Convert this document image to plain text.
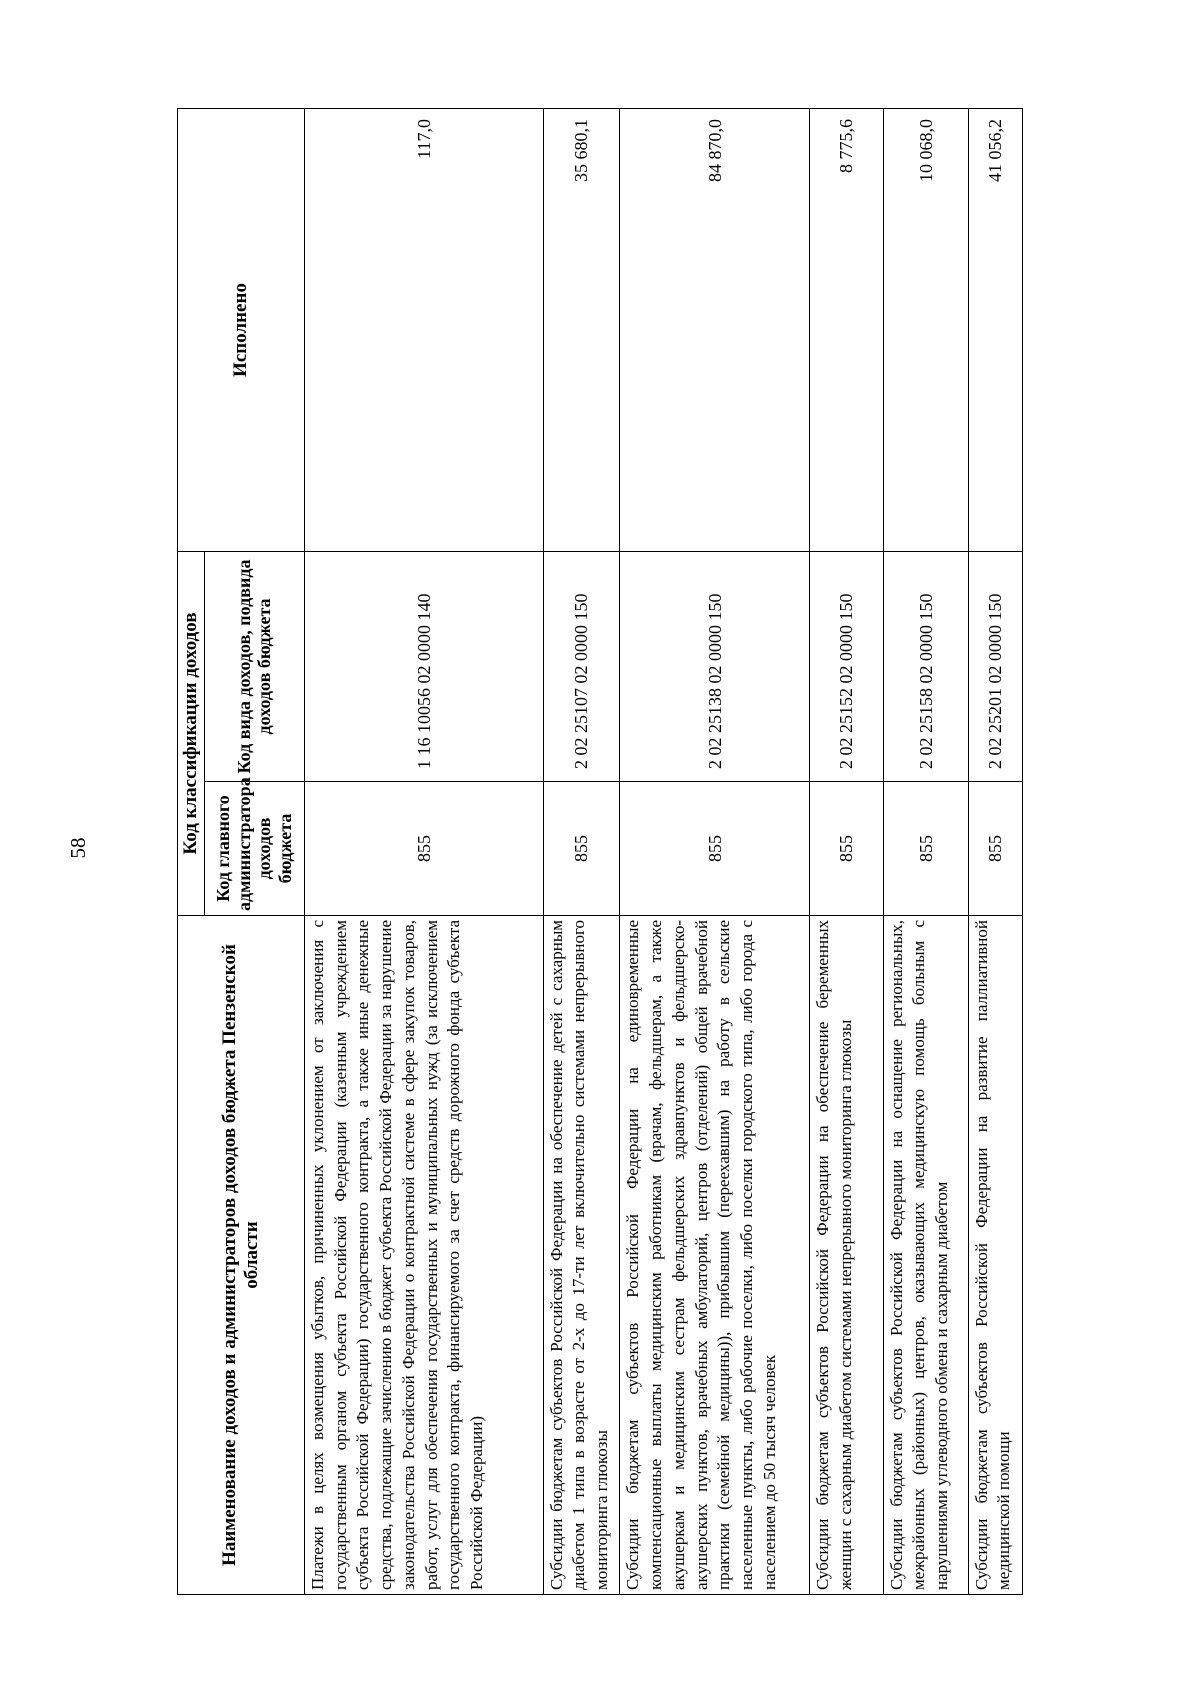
58
Наименование доходов и администраторов доходов бюджета Пензенской области	Код классификации доходов		Исполнено
	Код главного администратора доходов бюджета	Код вида доходов, подвида доходов бюджета	
Платежи в целях возмещения убытков, причиненных уклонением от заключения с государственным органом субъекта Российской Федерации (казенным учреждением субъекта Российской Федерации) государственного контракта, а также иные денежные средства, подлежащие зачислению в бюджет субъекта Российской Федерации за нарушение законодательства Российской Федерации о контрактной системе в сфере закупок товаров, работ, услуг для обеспечения государственных и муниципальных нужд (за исключением государственного контракта, финансируемого за счет средств дорожного фонда субъекта Российской Федерации)	855	1 16 10056 02 0000 140	117,0
Субсидии бюджетам субъектов Российской Федерации на обеспечение детей с сахарным диабетом 1 типа в возрасте от 2-х до 17-ти лет включительно системами непрерывного мониторинга глюкозы	855	2 02 25107 02 0000 150	35 680,1
Субсидии бюджетам субъектов Российской Федерации на единовременные компенсационные выплаты медицинским работникам (врачам, фельдшерам, а также акушеркам и медицинским сестрам фельдшерских здравпунктов и фельдшерско-акушерских пунктов, врачебных амбулаторий, центров (отделений) общей врачебной практики (семейной медицины)), прибывшим (переехавшим) на работу в сельские населенные пункты, либо рабочие поселки, либо поселки городского типа, либо города с населением до 50 тысяч человек	855	2 02 25138 02 0000 150	84 870,0
Субсидии бюджетам субъектов Российской Федерации на обеспечение беременных женщин с сахарным диабетом системами непрерывного мониторинга глюкозы	855	2 02 25152 02 0000 150	8 775,6
Субсидии бюджетам субъектов Российской Федерации на оснащение региональных, межрайонных (районных) центров, оказывающих медицинскую помощь больным с нарушениями углеводного обмена и сахарным диабетом	855	2 02 25158 02 0000 150	10 068,0
Субсидии бюджетам субъектов Российской Федерации на развитие паллиативной медицинской помощи	855	2 02 25201 02 0000 150	41 056,2
